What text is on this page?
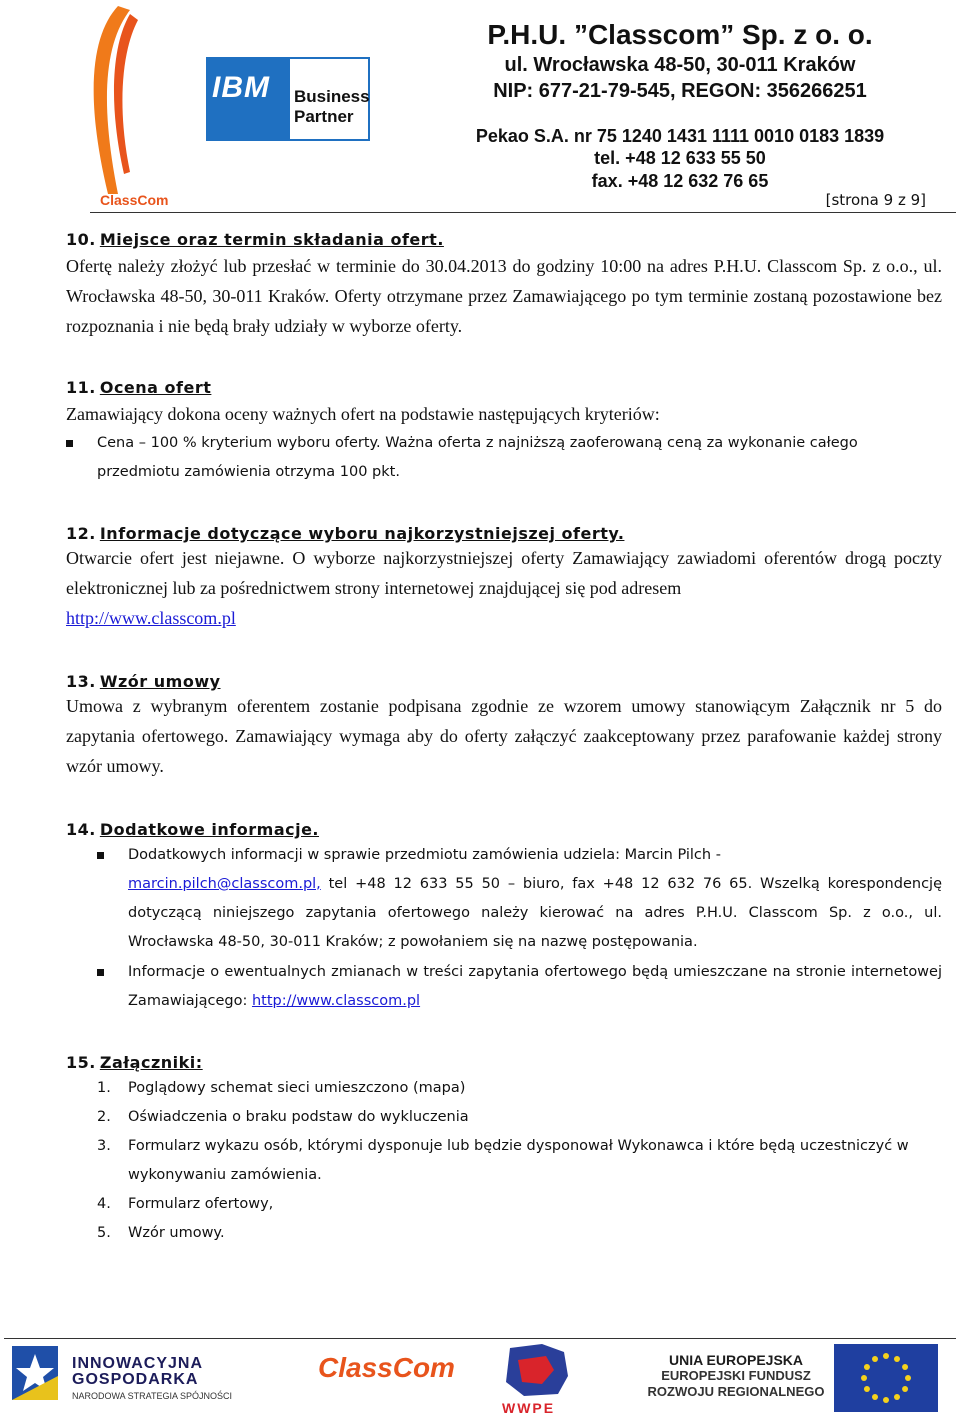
IBM Business
Partner
ClassCom
P.H.U. ”Classcom” Sp. z o. o.
ul. Wrocławska 48-50, 30-011 Kraków
NIP: 677-21-79-545, REGON: 356266251
Pekao S.A. nr 75 1240 1431 1111 0010 0183 1839
tel. +48 12 633 55 50
fax. +48 12 632 76 65
[strona 9 z 9]
10. Miejsce oraz termin składania ofert.
Ofertę należy złożyć lub przesłać w terminie do 30.04.2013 do godziny 10:00 na adres P.H.U. Classcom Sp. z o.o., ul. Wrocławska 48-50, 30-011 Kraków. Oferty otrzymane przez Zamawiającego po tym terminie zostaną pozostawione bez rozpoznania i nie będą brały udziały w wyborze oferty.
11. Ocena ofert
Zamawiający dokona oceny ważnych ofert na podstawie następujących kryteriów:
Cena – 100 % kryterium wyboru oferty. Ważna oferta z najniższą zaoferowaną ceną za wykonanie całego przedmiotu zamówienia otrzyma 100 pkt.
12. Informacje dotyczące wyboru najkorzystniejszej oferty.
Otwarcie ofert jest niejawne. O wyborze najkorzystniejszej oferty Zamawiający zawiadomi oferentów drogą poczty elektronicznej lub za pośrednictwem strony internetowej znajdującej się pod adresem
http://www.classcom.pl
13. Wzór umowy
Umowa z wybranym oferentem zostanie podpisana zgodnie ze wzorem umowy stanowiącym Załącznik nr 5 do zapytania ofertowego. Zamawiający wymaga aby do oferty załączyć zaakceptowany przez parafowanie każdej strony wzór umowy.
14. Dodatkowe informacje.
Dodatkowych informacji w sprawie przedmiotu zamówienia udziela: Marcin Pilch -
marcin.pilch@classcom.pl, tel +48 12 633 55 50 – biuro, fax +48 12 632 76 65. Wszelką korespondencję dotyczącą niniejszego zapytania ofertowego należy kierować na adres P.H.U. Classcom Sp. z o.o., ul. Wrocławska 48-50, 30-011 Kraków; z powołaniem się na nazwę postępowania.
Informacje o ewentualnych zmianach w treści zapytania ofertowego będą umieszczane na stronie internetowej Zamawiającego: http://www.classcom.pl
15. Załączniki:
1. Poglądowy schemat sieci umieszczono (mapa)
2. Oświadczenia o braku podstaw do wykluczenia
3. Formularz wykazu osób, którymi dysponuje lub będzie dysponował Wykonawca i które będą uczestniczyć w wykonywaniu zamówienia.
4. Formularz ofertowy,
5. Wzór umowy.
INNOWACYJNA
GOSPODARKA
NARODOWA STRATEGIA SPÓJNOŚCI
ClassCom
WWPE
UNIA EUROPEJSKA
EUROPEJSKI FUNDUSZ
ROZWOJU REGIONALNEGO
